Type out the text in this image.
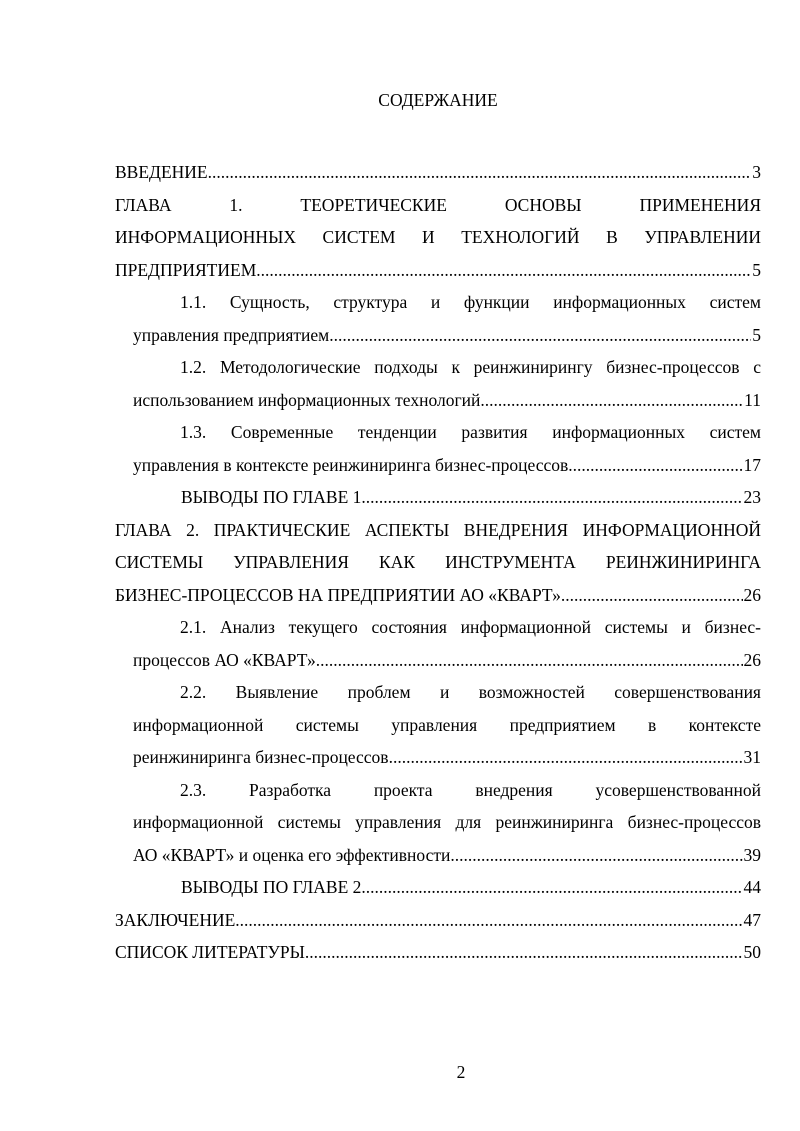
СОДЕРЖАНИЕ
ВВЕДЕНИЕ .....	3
ГЛАВА 1. ТЕОРЕТИЧЕСКИЕ ОСНОВЫ ПРИМЕНЕНИЯ
ИНФОРМАЦИОННЫХ СИСТЕМ И ТЕХНОЛОГИЙ В УПРАВЛЕНИИ
ПРЕДПРИЯТИЕМ .....	5
1.1. Сущность, структура и функции информационных систем
управления предприятием .....	5
1.2. Методологические подходы к реинжинирингу бизнес-процессов с
использованием информационных технологий .....	11
1.3. Современные тенденции развития информационных систем
управления в контексте реинжиниринга бизнес-процессов .....	17
ВЫВОДЫ ПО ГЛАВЕ 1 .....	23
ГЛАВА 2. ПРАКТИЧЕСКИЕ АСПЕКТЫ ВНЕДРЕНИЯ ИНФОРМАЦИОННОЙ
СИСТЕМЫ УПРАВЛЕНИЯ КАК ИНСТРУМЕНТА РЕИНЖИНИРИНГА
БИЗНЕС-ПРОЦЕССОВ НА ПРЕДПРИЯТИИ АО «КВАРТ» .....	26
2.1. Анализ текущего состояния информационной системы и бизнес-
процессов АО «КВАРТ» .....	26
2.2. Выявление проблем и возможностей совершенствования
информационной системы управления предприятием в контексте
реинжиниринга бизнес-процессов .....	31
2.3. Разработка проекта внедрения усовершенствованной
информационной системы управления для реинжиниринга бизнес-процессов
АО «КВАРТ» и оценка его эффективности .....	39
ВЫВОДЫ ПО ГЛАВЕ 2 .....	44
ЗАКЛЮЧЕНИЕ .....	47
СПИСОК ЛИТЕРАТУРЫ .....	50
2
